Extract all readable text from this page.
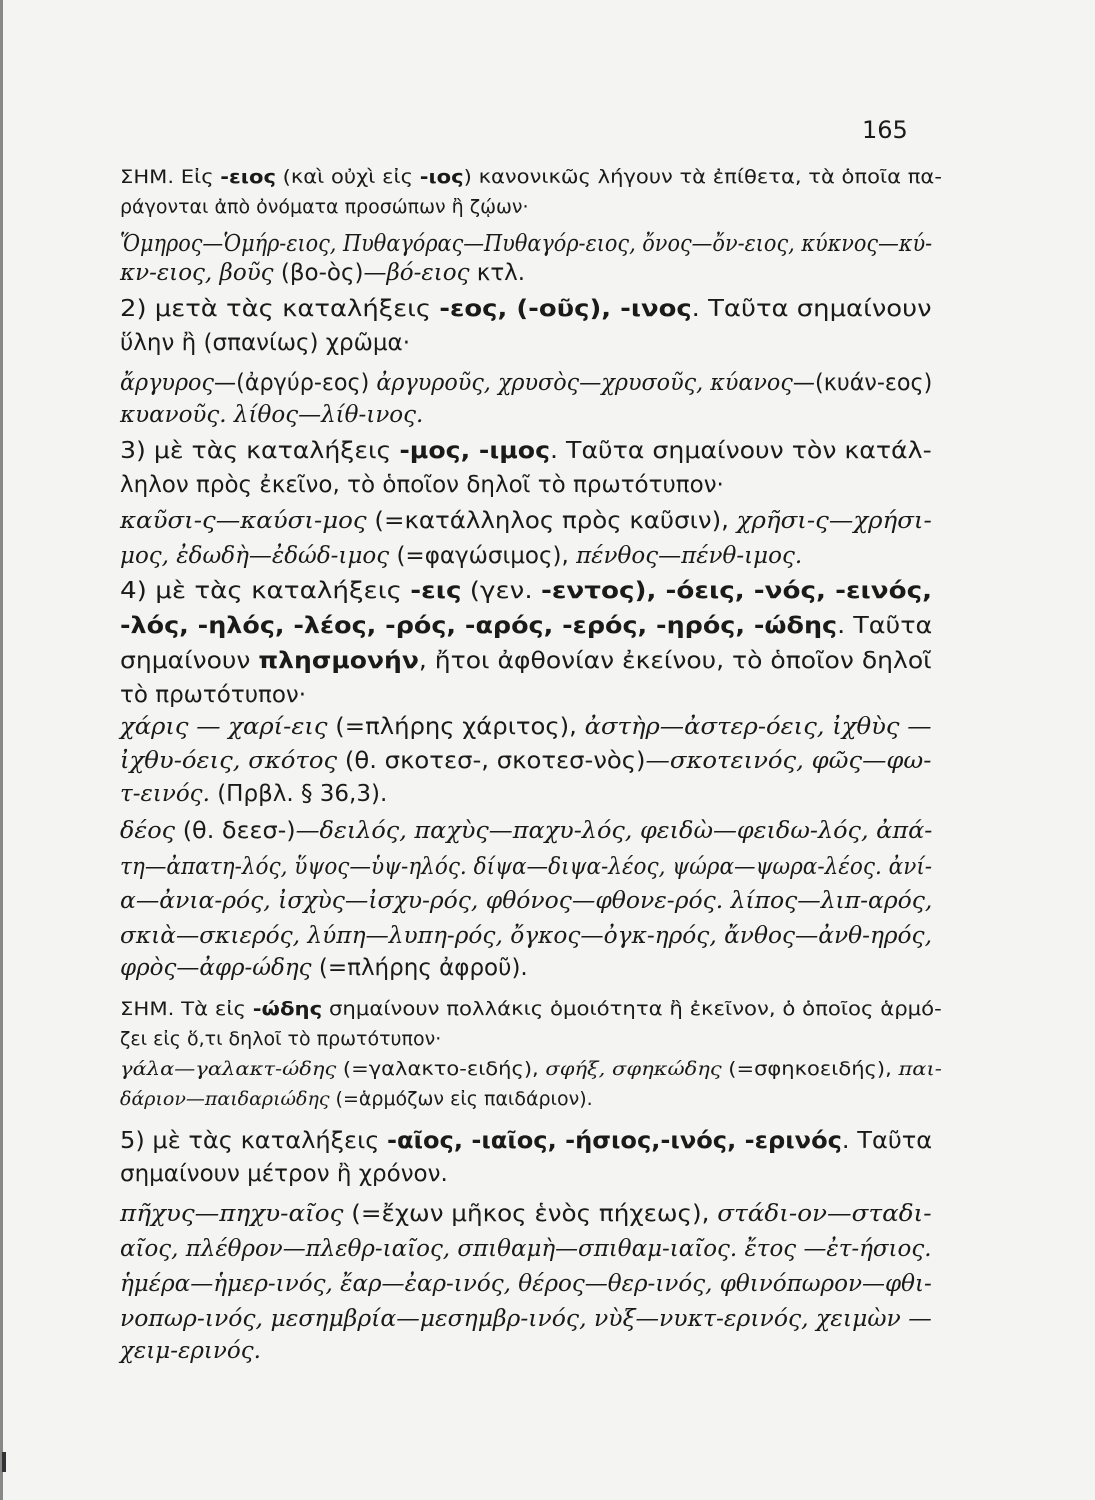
165
ΣΗΜ. Εἰς -ειος (καὶ οὐχὶ εἰς -ιος) κανονικῶς λήγουν τὰ ἐπίθετα, τὰ ὁποῖα πα-
ράγονται ἀπὸ ὀνόματα προσώπων ἢ ζῴων·
Ὅμηρος—Ὁμήρ-ειος, Πυθαγόρας—Πυθαγόρ-ειος, ὄνος—ὄν-ειος, κύκνος—κύ-
κν-ειος, βοῦς (βο-ὸς)—βό-ειος κτλ.
2) μετὰ τὰς καταλήξεις -εος, (-οῦς), -ινος. Ταῦτα σημαίνουν
ὕλην ἢ (σπανίως) χρῶμα·
ἄργυρος—(ἀργύρ-εος) ἀργυροῦς, χρυσὸς—χρυσοῦς, κύανος—(κυάν-εος)
κυανοῦς. λίθος—λίθ-ινος.
3) μὲ τὰς καταλήξεις -μος, -ιμος. Ταῦτα σημαίνουν τὸν κατάλ-
ληλον πρὸς ἐκεῖνο, τὸ ὁποῖον δηλοῖ τὸ πρωτότυπον·
καῦσι-ς—καύσι-μος (=κατάλληλος πρὸς καῦσιν), χρῆσι-ς—χρήσι-
μος, ἐδωδὴ—ἐδώδ-ιμος (=φαγώσιμος), πένθος—πένθ-ιμος.
4) μὲ τὰς καταλήξεις -εις (γεν. -εντος), -όεις, -νός, -εινός,
-λός, -ηλός, -λέος, -ρός, -αρός, -ερός, -ηρός, -ώδης. Ταῦτα
σημαίνουν πλησμονήν, ἤτοι ἀφθονίαν ἐκείνου, τὸ ὁποῖον δηλοῖ
τὸ πρωτότυπον·
χάρις — χαρί-εις (=πλήρης χάριτος), ἀστὴρ—ἀστερ-όεις, ἰχθὺς —
ἰχθυ-όεις, σκότος (θ. σκοτεσ-, σκοτεσ-νὸς)—σκοτεινός, φῶς—φω-
τ-εινός. (Πρβλ. § 36,3).
δέος (θ. δεεσ-)—δειλός, παχὺς—παχυ-λός, φειδὼ—φειδω-λός, ἀπά-
τη—ἀπατη-λός, ὕψος—ὑψ-ηλός. δίψα—διψα-λέος, ψώρα—ψωρα-λέος. ἀνί-
α—ἀνια-ρός, ἰσχὺς—ἰσχυ-ρός, φθόνος—φθονε-ρός. λίπος—λιπ-αρός,
σκιὰ—σκιερός, λύπη—λυπη-ρός, ὄγκος—ὀγκ-ηρός, ἄνθος—ἀνθ-ηρός,
φρὸς—ἀφρ-ώδης (=πλήρης ἀφροῦ).
ΣΗΜ. Τὰ εἰς -ώδης σημαίνουν πολλάκις ὁμοιότητα ἢ ἐκεῖνον, ὁ ὁποῖος ἁρμό-
ζει εἰς ὅ,τι δηλοῖ τὸ πρωτότυπον·
γάλα—γαλακτ-ώδης (=γαλακτο-ειδής), σφήξ, σφηκώδης (=σφηκοειδής), παι-
δάριον—παιδαριώδης (=ἁρμόζων εἰς παιδάριον).
5) μὲ τὰς καταλήξεις -αῖος, -ιαῖος, -ήσιος,-ινός, -ερινός. Ταῦτα
σημαίνουν μέτρον ἢ χρόνον.
πῆχυς—πηχυ-αῖος (=ἔχων μῆκος ἑνὸς πήχεως), στάδι-ον—σταδι-
αῖος, πλέθρον—πλεθρ-ιαῖος, σπιθαμὴ—σπιθαμ-ιαῖος. ἔτος —ἐτ-ήσιος.
ἡμέρα—ἡμερ-ινός, ἔαρ—ἐαρ-ινός, θέρος—θερ-ινός, φθινόπωρον—φθι-
νοπωρ-ινός, μεσημβρία—μεσημβρ-ινός, νὺξ—νυκτ-ερινός, χειμὼν —
χειμ-ερινός.
